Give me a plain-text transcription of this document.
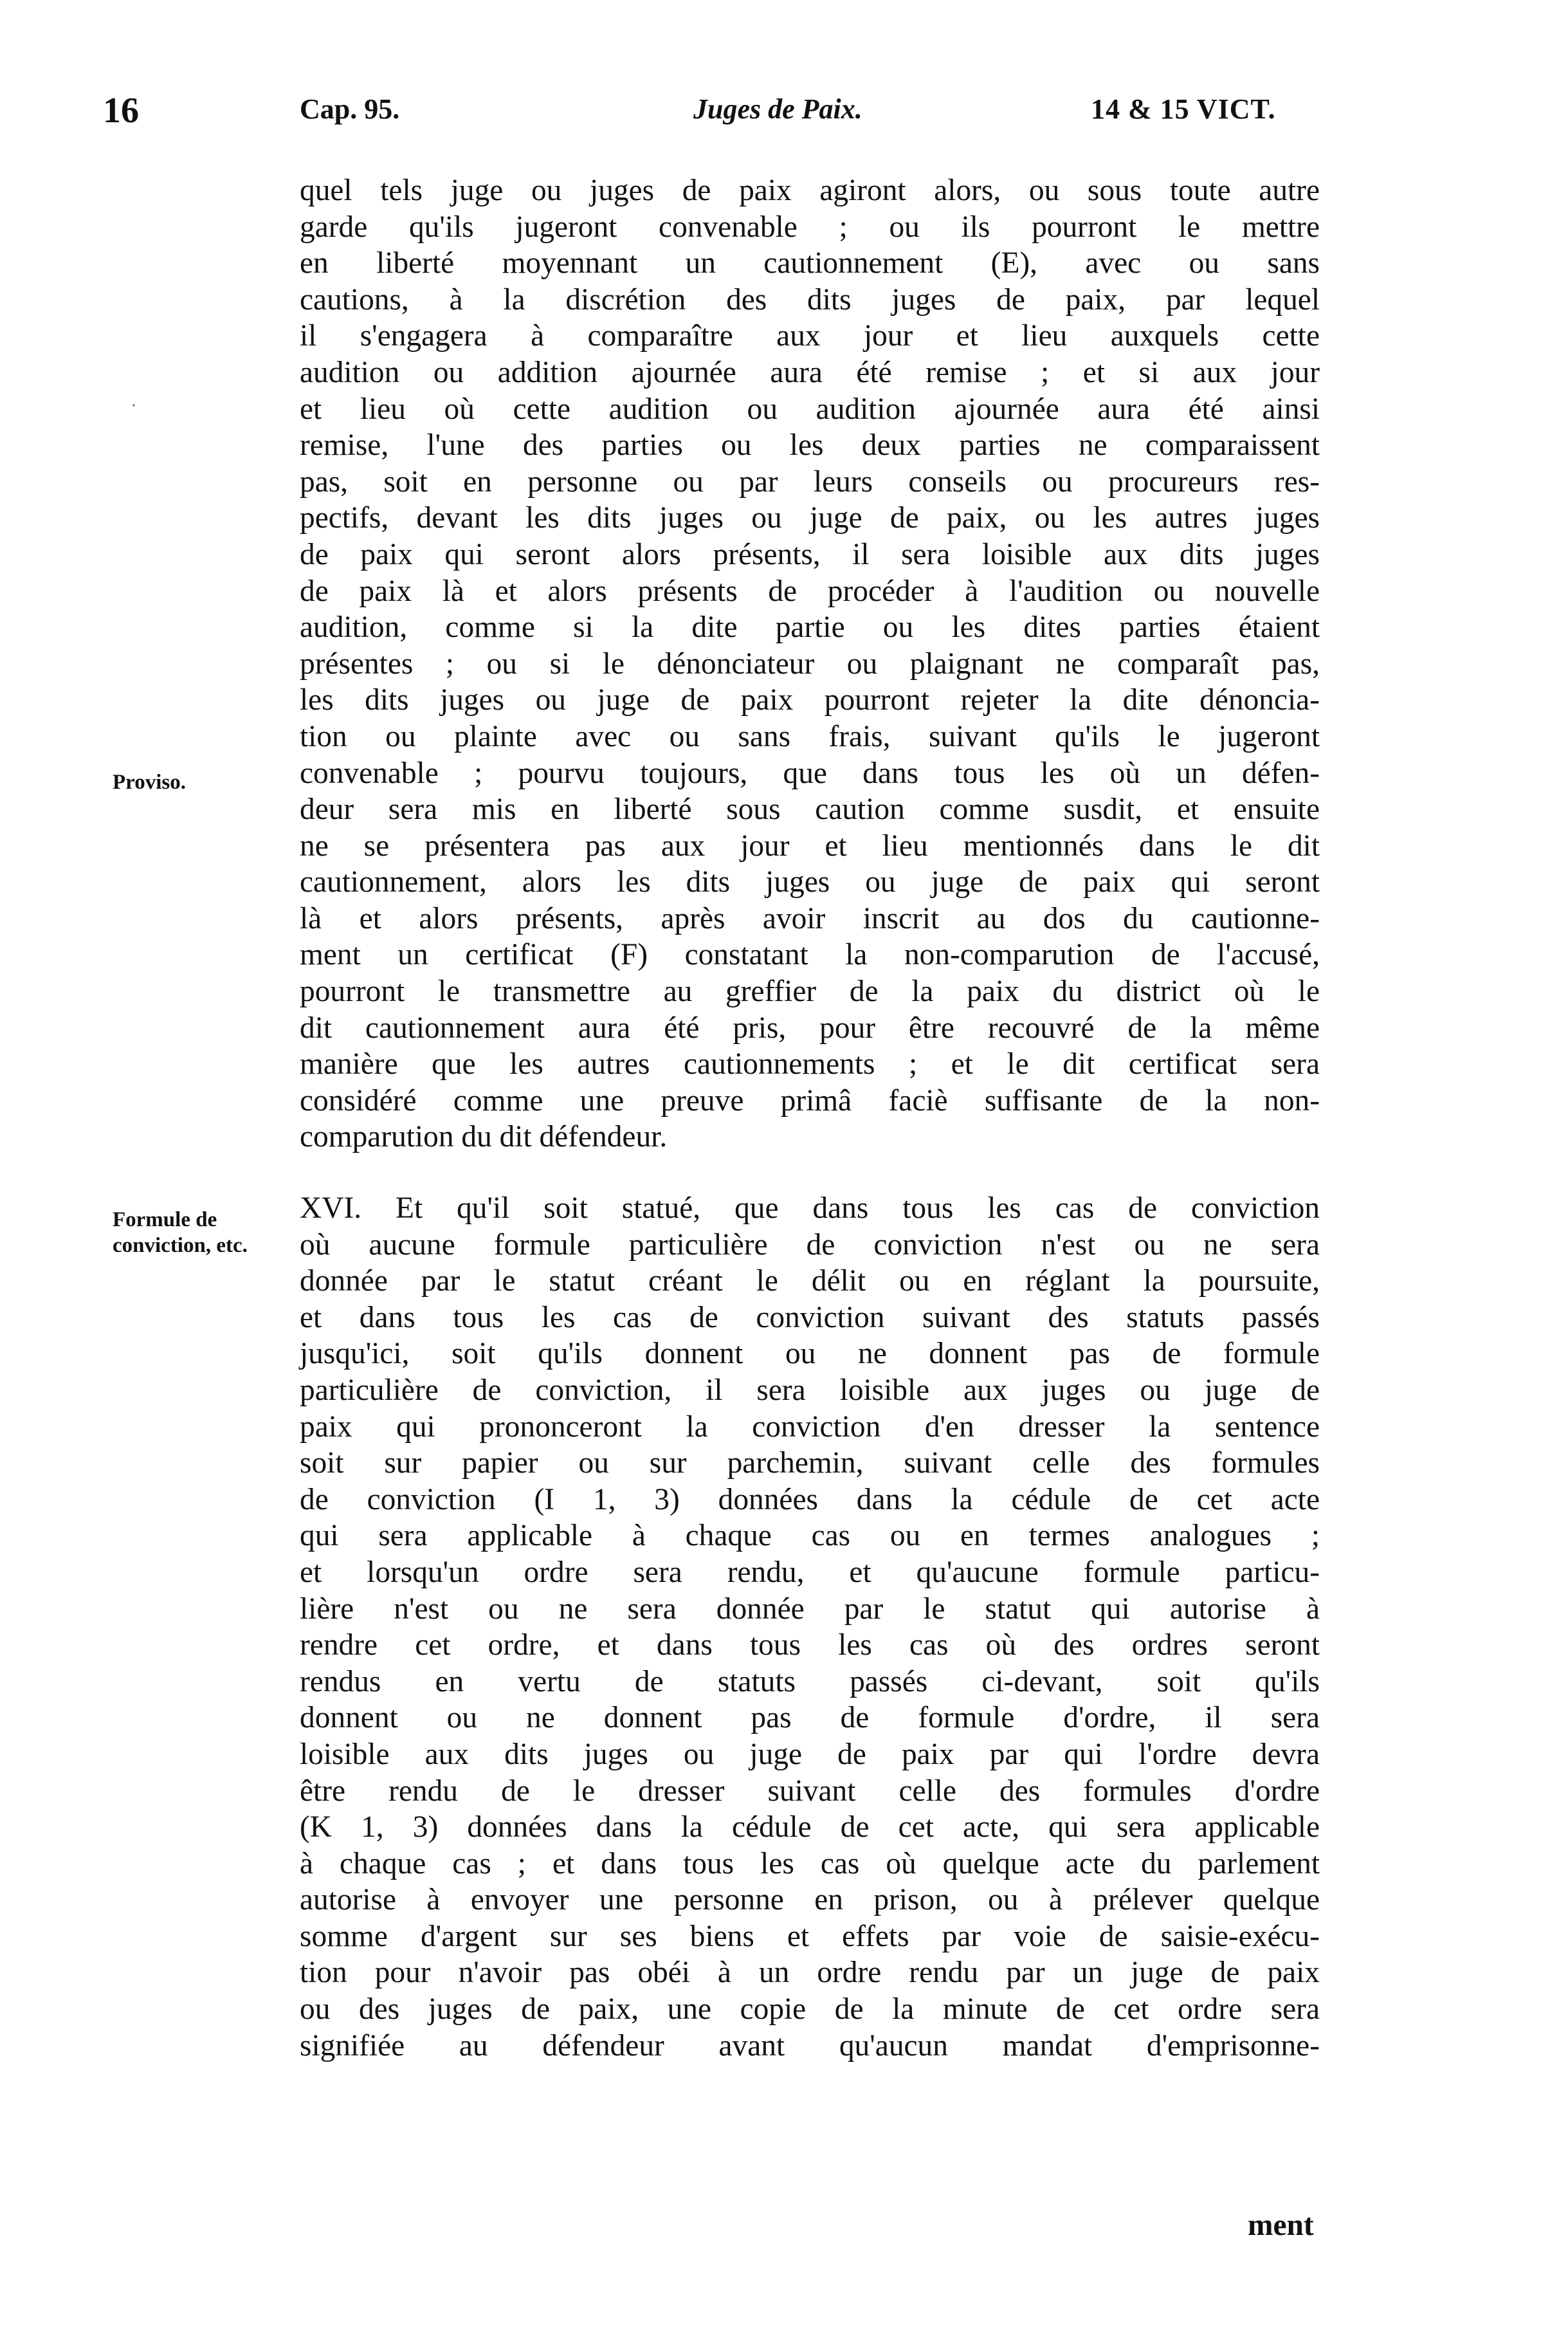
16	Cap. 95.	Juges de Paix.	14 & 15 VICT.
Proviso.
Formule de conviction, etc.
quel tels juge ou juges de paix agiront alors, ou sous toute autre
garde qu'ils jugeront convenable ; ou ils pourront le mettre
en liberté moyennant un cautionnement (E), avec ou sans
cautions, à la discrétion des dits juges de paix, par lequel
il s'engagera à comparaître aux jour et lieu auxquels cette
audition ou addition ajournée aura été remise ; et si aux jour
et lieu où cette audition ou audition ajournée aura été ainsi
remise, l'une des parties ou les deux parties ne comparaissent
pas, soit en personne ou par leurs conseils ou procureurs res-
pectifs, devant les dits juges ou juge de paix, ou les autres juges
de paix qui seront alors présents, il sera loisible aux dits juges
de paix là et alors présents de procéder à l'audition ou nouvelle
audition, comme si la dite partie ou les dites parties étaient
présentes ; ou si le dénonciateur ou plaignant ne comparaît pas,
les dits juges ou juge de paix pourront rejeter la dite dénoncia-
tion ou plainte avec ou sans frais, suivant qu'ils le jugeront
convenable ; pourvu toujours, que dans tous les où un défen-
deur sera mis en liberté sous caution comme susdit, et ensuite
ne se présentera pas aux jour et lieu mentionnés dans le dit
cautionnement, alors les dits juges ou juge de paix qui seront
là et alors présents, après avoir inscrit au dos du cautionne-
ment un certificat (F) constatant la non-comparution de l'accusé,
pourront le transmettre au greffier de la paix du district où le
dit cautionnement aura été pris, pour être recouvré de la même
manière que les autres cautionnements ; et le dit certificat sera
considéré comme une preuve primâ faciè suffisante de la non-
comparution du dit défendeur.
XVI. Et qu'il soit statué, que dans tous les cas de conviction
où aucune formule particulière de conviction n'est ou ne sera
donnée par le statut créant le délit ou en réglant la poursuite,
et dans tous les cas de conviction suivant des statuts passés
jusqu'ici, soit qu'ils donnent ou ne donnent pas de formule
particulière de conviction, il sera loisible aux juges ou juge de
paix qui prononceront la conviction d'en dresser la sentence
soit sur papier ou sur parchemin, suivant celle des formules
de conviction (I 1, 3) données dans la cédule de cet acte
qui sera applicable à chaque cas ou en termes analogues ;
et lorsqu'un ordre sera rendu, et qu'aucune formule particu-
lière n'est ou ne sera donnée par le statut qui autorise à
rendre cet ordre, et dans tous les cas où des ordres seront
rendus en vertu de statuts passés ci-devant, soit qu'ils
donnent ou ne donnent pas de formule d'ordre, il sera
loisible aux dits juges ou juge de paix par qui l'ordre devra
être rendu de le dresser suivant celle des formules d'ordre
(K 1, 3) données dans la cédule de cet acte, qui sera applicable
à chaque cas ; et dans tous les cas où quelque acte du parlement
autorise à envoyer une personne en prison, ou à prélever quelque
somme d'argent sur ses biens et effets par voie de saisie-exécu-
tion pour n'avoir pas obéi à un ordre rendu par un juge de paix
ou des juges de paix, une copie de la minute de cet ordre sera
signifiée au défendeur avant qu'aucun mandat d'emprisonne-
ment
